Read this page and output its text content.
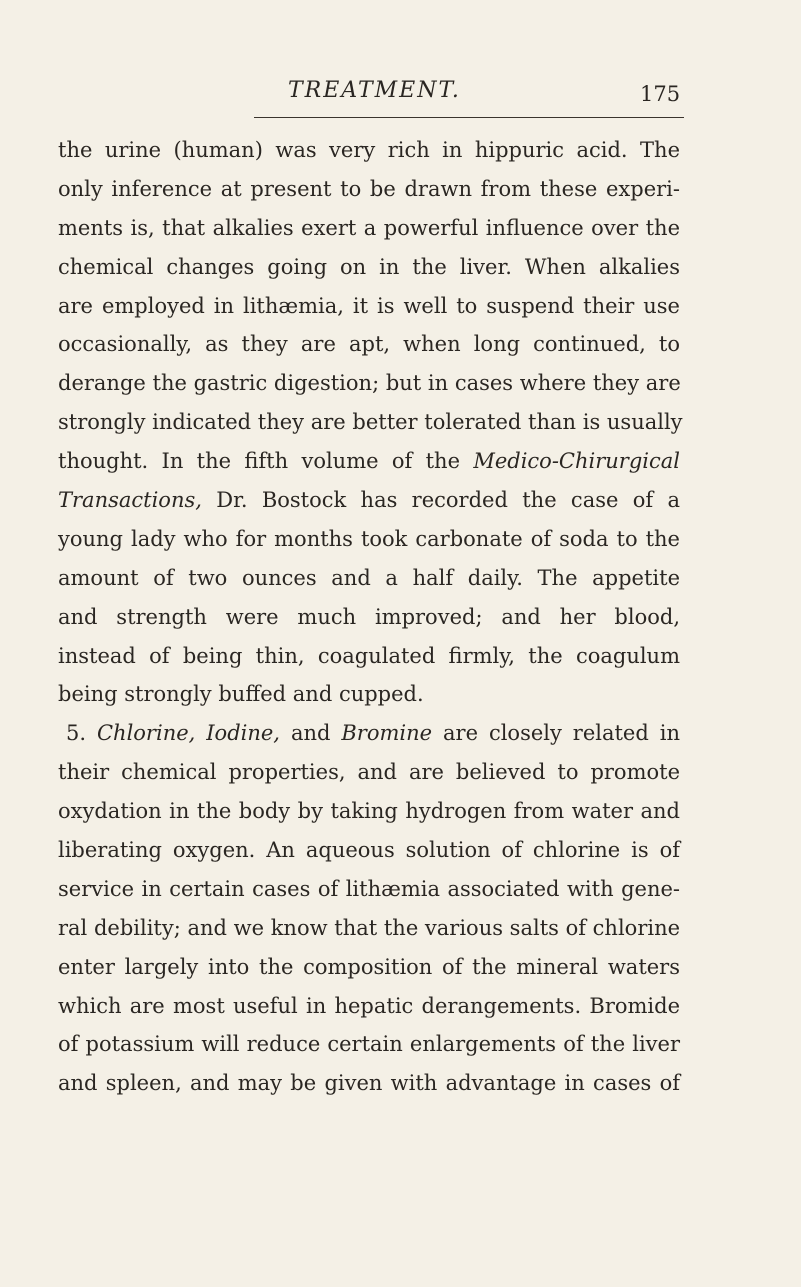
TREATMENT.	175
the urine (human) was very rich in hippuric acid. The
only inference at present to be drawn from these experi-
ments is, that alkalies exert a powerful influence over the
chemical changes going on in the liver. When alkalies
are employed in lithæmia, it is well to suspend their use
occasionally, as they are apt, when long continued, to
derange the gastric digestion; but in cases where they are
strongly indicated they are better tolerated than is usually
thought. In the fifth volume of the Medico-Chirurgical
Transactions, Dr. Bostock has recorded the case of a
young lady who for months took carbonate of soda to the
amount of two ounces and a half daily. The appetite
and strength were much improved; and her blood,
instead of being thin, coagulated firmly, the coagulum
being strongly buffed and cupped.
5. Chlorine, Iodine, and Bromine are closely related in
their chemical properties, and are believed to promote
oxydation in the body by taking hydrogen from water and
liberating oxygen. An aqueous solution of chlorine is of
service in certain cases of lithæmia associated with gene-
ral debility; and we know that the various salts of chlorine
enter largely into the composition of the mineral waters
which are most useful in hepatic derangements. Bromide
of potassium will reduce certain enlargements of the liver
and spleen, and may be given with advantage in cases of
